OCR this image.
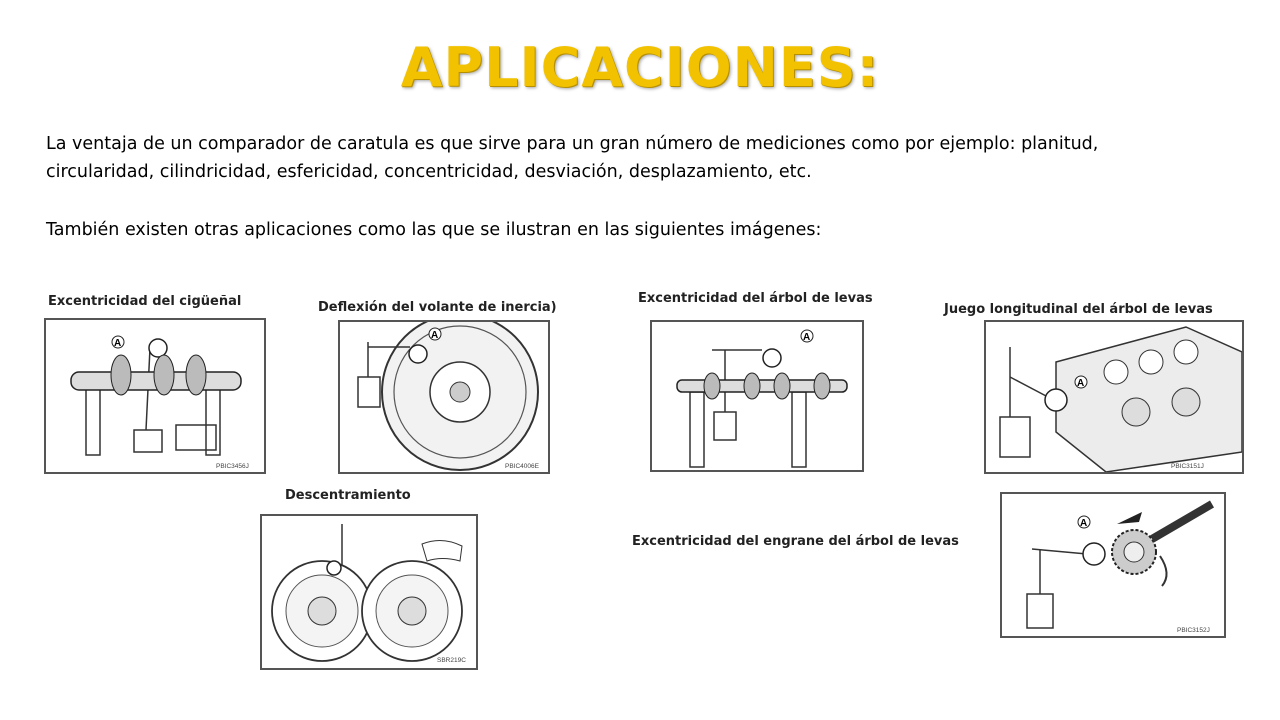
APLICACIONES:
La ventaja de un comparador de caratula es que sirve para un gran número de mediciones como por ejemplo: planitud,
circularidad, cilindricidad, esfericidad, concentricidad, desviación, desplazamiento, etc.
También existen otras aplicaciones como las que se ilustran en las siguientes imágenes:
Excentricidad del cigüeñal
A
PBIC3456J
Deflexión del volante de inercia)
A
PBIC4006E
Excentricidad del árbol de levas
A
Juego longitudinal del árbol de levas
A
PBIC3151J
Descentramiento
SBR219C
Excentricidad del engrane del árbol de levas
A
PBIC3152J
